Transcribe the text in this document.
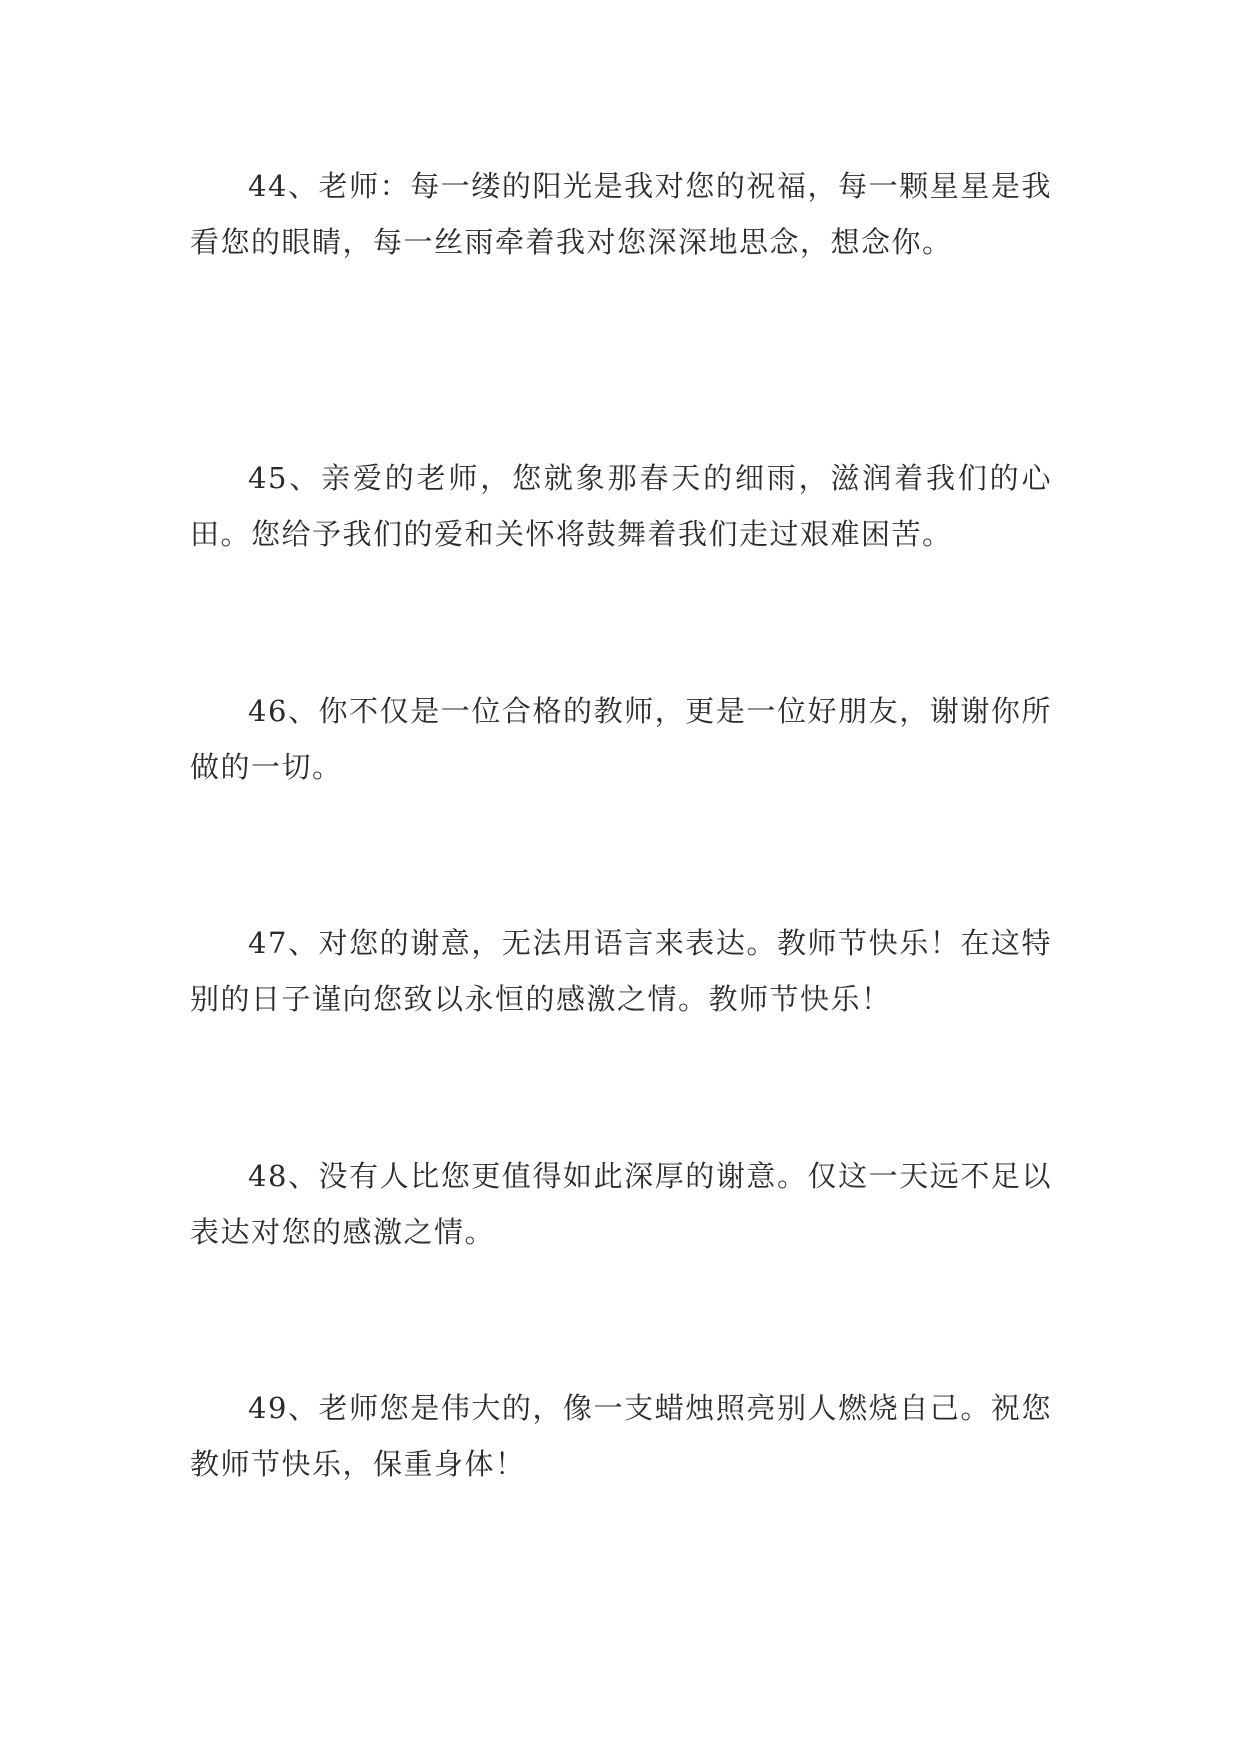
44、老师：每一缕的阳光是我对您的祝福，每一颗星星是我看您的眼睛，每一丝雨牵着我对您深深地思念，想念你。

45、亲爱的老师，您就象那春天的细雨，滋润着我们的心田。您给予我们的爱和关怀将鼓舞着我们走过艰难困苦。

46、你不仅是一位合格的教师，更是一位好朋友，谢谢你所做的一切。

47、对您的谢意，无法用语言来表达。教师节快乐！在这特别的日子谨向您致以永恒的感激之情。教师节快乐！

48、没有人比您更值得如此深厚的谢意。仅这一天远不足以表达对您的感激之情。

49、老师您是伟大的，像一支蜡烛照亮别人燃烧自己。祝您教师节快乐，保重身体！
